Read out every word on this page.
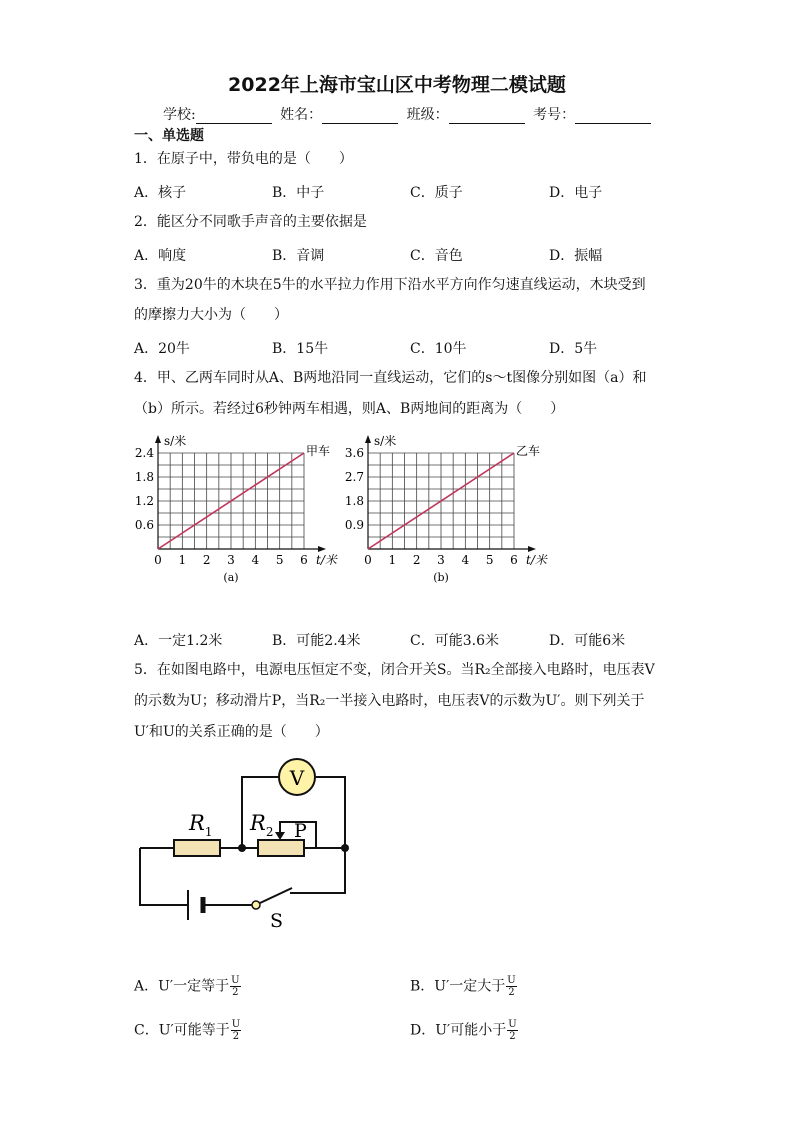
2022年上海市宝山区中考物理二模试题
学校:	姓名：	班级：	考号：
一、单选题
1．在原子中，带负电的是（　　）
A．核子	B．中子	C．质子	D．电子
2．能区分不同歌手声音的主要依据是
A．响度	B．音调	C．音色	D．振幅
3．重为20牛的木块在5牛的水平拉力作用下沿水平方向作匀速直线运动，木块受到
的摩擦力大小为（　　）
A．20牛	B．15牛	C．10牛	D．5牛
4．甲、乙两车同时从A、B两地沿同一直线运动，它们的s～t图像分别如图（a）和
（b）所示。若经过6秒钟两车相遇，则A、B两地间的距离为（　　）
0 1 2 3 4 5 6
0.6
1.2
1.8
2.4
s/米
t/米
甲车
(a)
0 1 2 3 4 5 6
0.9
1.8
2.7
3.6
s/米
t/米
乙车
(b)
A．一定1.2米	B．可能2.4米	C．可能3.6米	D．可能6米
5．在如图电路中，电源电压恒定不变，闭合开关S。当R₂全部接入电路时，电压表V
的示数为U；移动滑片P，当R₂一半接入电路时，电压表V的示数为U′。则下列关于
U′和U的关系正确的是（　　）
V
$R_1$ $R_2$ P
S
A．U′一定等于 $\frac{U}{2}$	B．U′一定大于 $\frac{U}{2}$
C．U′可能等于 $\frac{U}{2}$	D．U′可能小于 $\frac{U}{2}$
